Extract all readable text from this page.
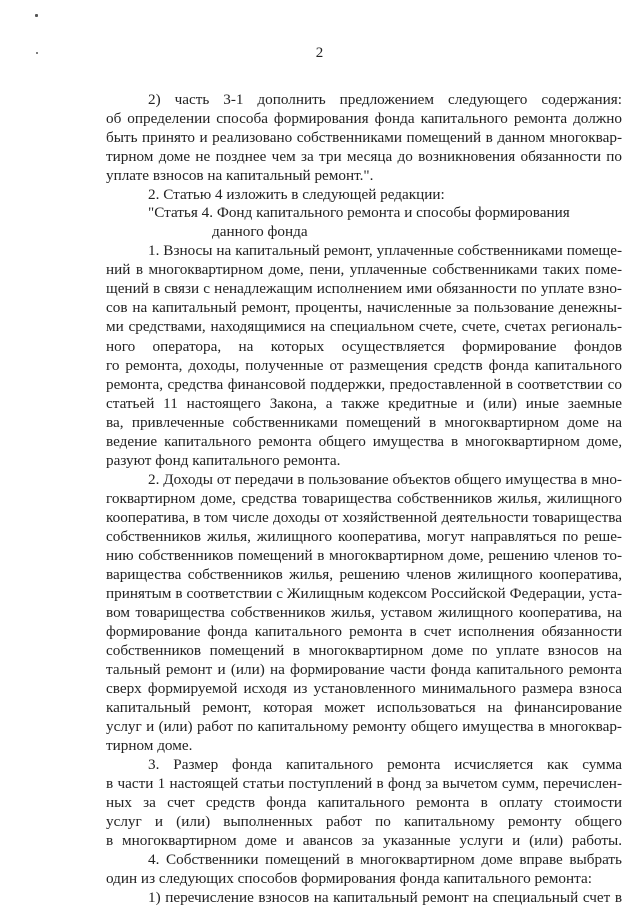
2
2) часть 3-1 дополнить предложением следующего содержания:
об определении способа формирования фонда капитального ремонта должно
быть принято и реализовано собственниками помещений в данном многоквар-
тирном доме не позднее чем за три месяца до возникновения обязанности по
уплате взносов на капитальный ремонт.".
2. Статью 4 изложить в следующей редакции:
"Статья 4. Фонд капитального ремонта и способы формирования
данного фонда
1. Взносы на капитальный ремонт, уплаченные собственниками помеще-
ний в многоквартирном доме, пени, уплаченные собственниками таких поме-
щений в связи с ненадлежащим исполнением ими обязанности по уплате взно-
сов на капитальный ремонт, проценты, начисленные за пользование денежны-
ми средствами, находящимися на специальном счете, счете, счетах региональ-
ного оператора, на которых осуществляется формирование фондов
го ремонта, доходы, полученные от размещения средств фонда капитального
ремонта, средства финансовой поддержки, предоставленной в соответствии со
статьей 11 настоящего Закона, а также кредитные и (или) иные заемные
ва, привлеченные собственниками помещений в многоквартирном доме на
ведение капитального ремонта общего имущества в многоквартирном доме,
разуют фонд капитального ремонта.
2. Доходы от передачи в пользование объектов общего имущества в мно-
гоквартирном доме, средства товарищества собственников жилья, жилищного
кооператива, в том числе доходы от хозяйственной деятельности товарищества
собственников жилья, жилищного кооператива, могут направляться по реше-
нию собственников помещений в многоквартирном доме, решению членов то-
варищества собственников жилья, решению членов жилищного кооператива,
принятым в соответствии с Жилищным кодексом Российской Федерации, уста-
вом товарищества собственников жилья, уставом жилищного кооператива, на
формирование фонда капитального ремонта в счет исполнения обязанности
собственников помещений в многоквартирном доме по уплате взносов на
тальный ремонт и (или) на формирование части фонда капитального ремонта
сверх формируемой исходя из установленного минимального размера взноса
капитальный ремонт, которая может использоваться на финансирование
услуг и (или) работ по капитальному ремонту общего имущества в многоквар-
тирном доме.
3. Размер фонда капитального ремонта исчисляется как сумма
в части 1 настоящей статьи поступлений в фонд за вычетом сумм, перечислен-
ных за счет средств фонда капитального ремонта в оплату стоимости
услуг и (или) выполненных работ по капитальному ремонту общего
в многоквартирном доме и авансов за указанные услуги и (или) работы.
4. Собственники помещений в многоквартирном доме вправе выбрать
один из следующих способов формирования фонда капитального ремонта:
1) перечисление взносов на капитальный ремонт на специальный счет в
